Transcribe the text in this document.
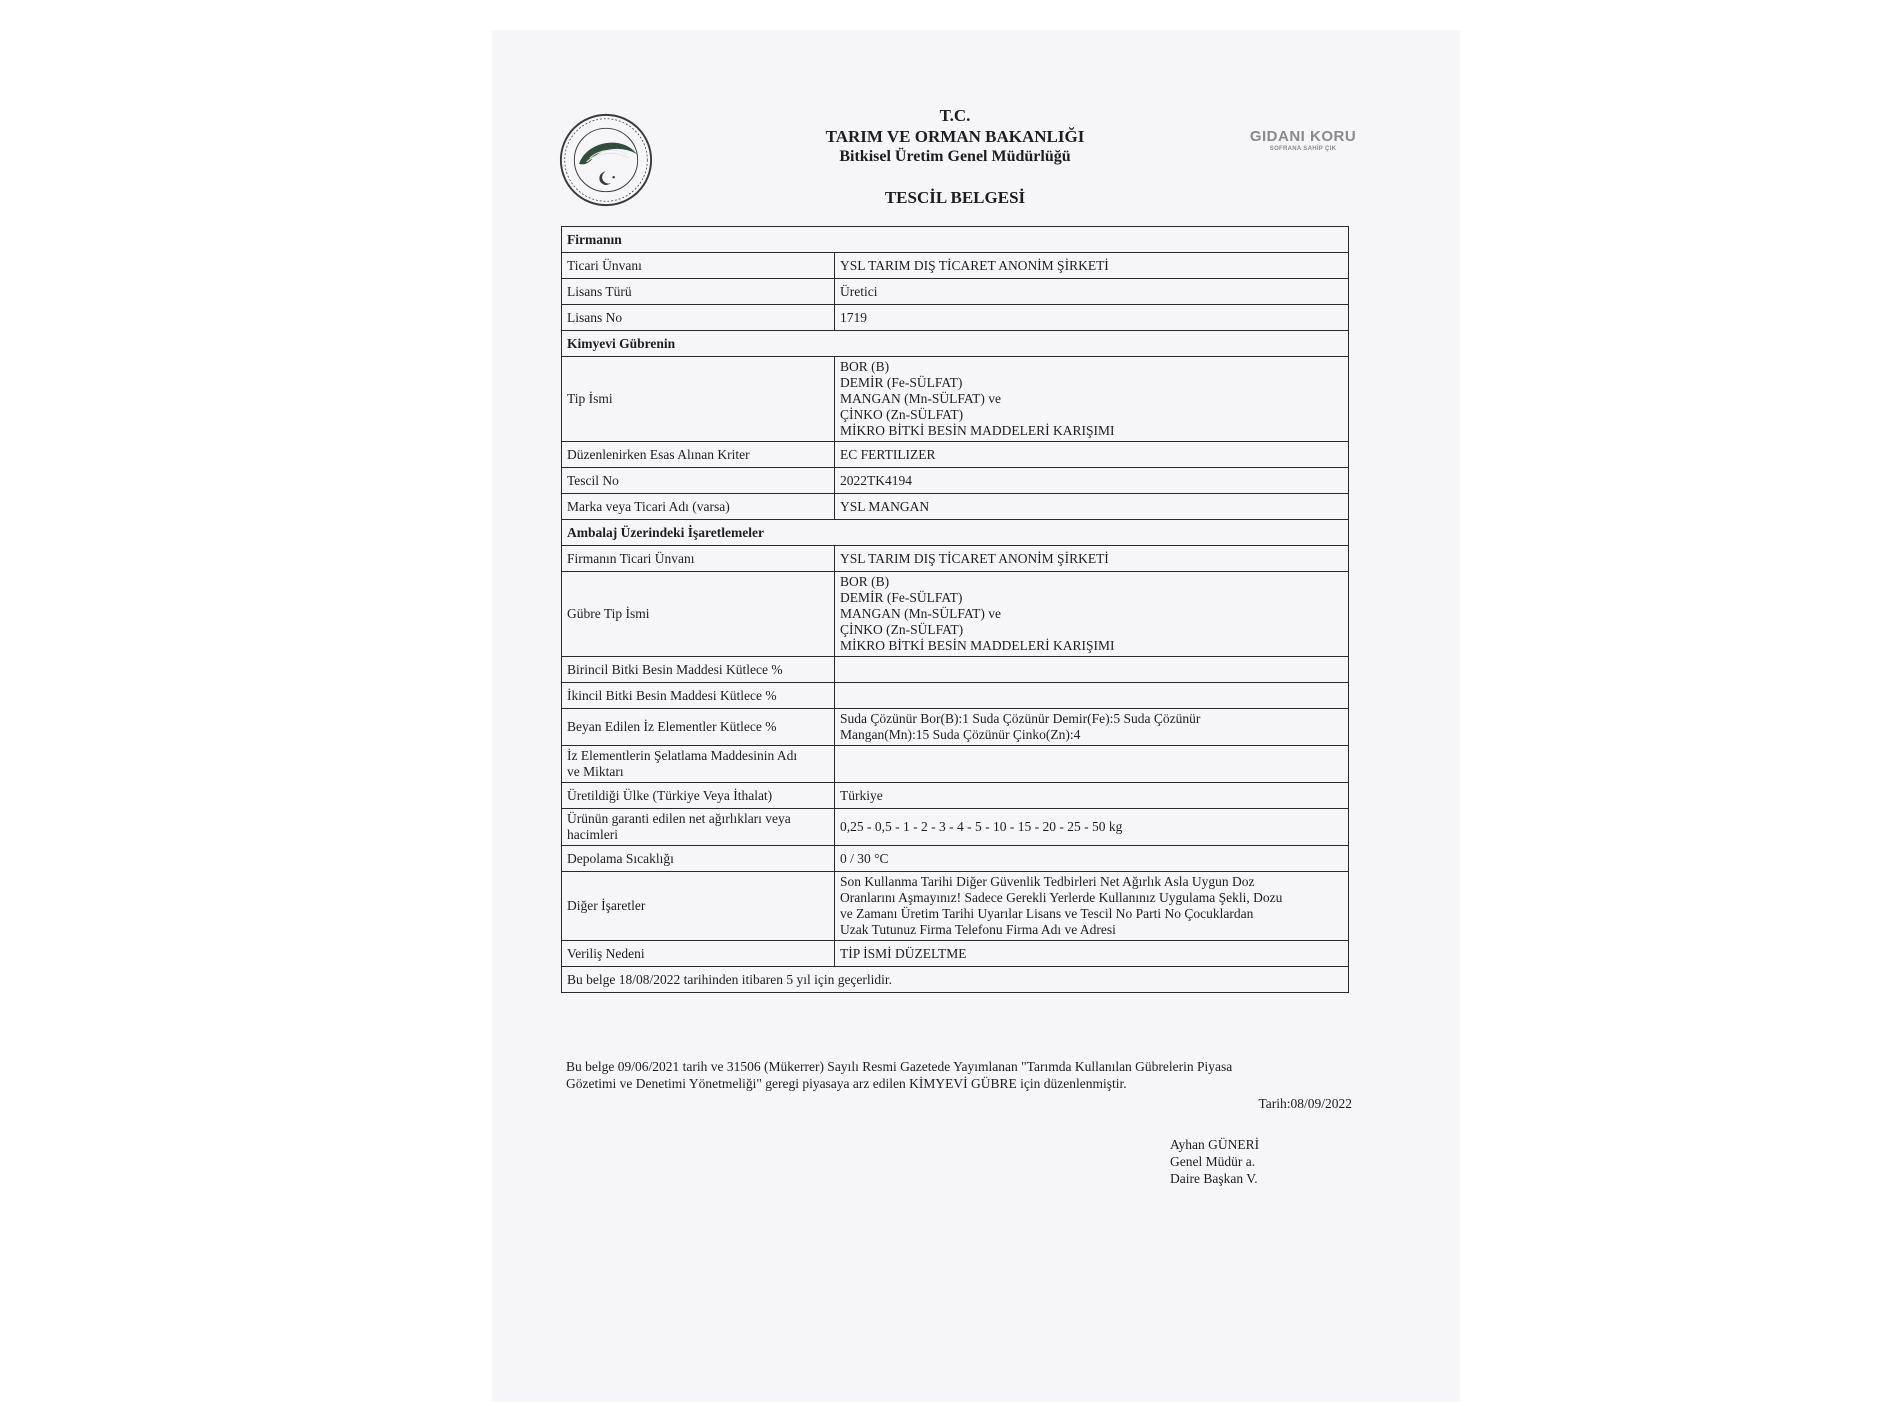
T.C.
TARIM VE ORMAN BAKANLIĞI
Bitkisel Üretim Genel Müdürlüğü
TESCİL BELGESİ
GIDANI KORU
SOFRANA SAHİP ÇIK
Firmanın	
Ticari Ünvanı	YSL TARIM DIŞ TİCARET ANONİM ŞİRKETİ
Lisans Türü	Üretici
Lisans No	1719
Kimyevi Gübrenin	
Tip İsmi	BOR (B)
DEMİR (Fe-SÜLFAT)
MANGAN (Mn-SÜLFAT) ve
ÇİNKO (Zn-SÜLFAT)
MİKRO BİTKİ BESİN MADDELERİ KARIŞIMI

Düzenlenirken Esas Alınan Kriter	EC FERTILIZER
Tescil No	2022TK4194
Marka veya Ticari Adı (varsa)	YSL MANGAN
Ambalaj Üzerindeki İşaretlemeler	
Firmanın Ticari Ünvanı	YSL TARIM DIŞ TİCARET ANONİM ŞİRKETİ
Gübre Tip İsmi	BOR (B)
DEMİR (Fe-SÜLFAT)
MANGAN (Mn-SÜLFAT) ve
ÇİNKO (Zn-SÜLFAT)
MİKRO BİTKİ BESİN MADDELERİ KARIŞIMI

Birincil Bitki Besin Maddesi Kütlece %	
İkincil Bitki Besin Maddesi Kütlece %	
Beyan Edilen İz Elementler Kütlece %	Suda Çözünür Bor(B):1 Suda Çözünür Demir(Fe):5 Suda Çözünür
Mangan(Mn):15 Suda Çözünür Çinko(Zn):4

İz Elementlerin Şelatlama Maddesinin Adı
ve Miktarı	

Üretildiği Ülke (Türkiye Veya İthalat)	Türkiye

Ürünün garanti edilen net ağırlıkları veya
hacimleri	0,25 - 0,5 - 1 - 2 - 3 - 4 - 5 - 10 - 15 - 20 - 25 - 50 kg
Depolama Sıcaklığı	0 / 30 °C
Diğer İşaretler	Son Kullanma Tarihi Diğer Güvenlik Tedbirleri Net Ağırlık Asla Uygun Doz
Oranlarını Aşmayınız! Sadece Gerekli Yerlerde Kullanınız Uygulama Şekli, Dozu
ve Zamanı Üretim Tarihi Uyarılar Lisans ve Tescil No Parti No Çocuklardan
Uzak Tutunuz Firma Telefonu Firma Adı ve Adresi

Veriliş Nedeni	TİP İSMİ DÜZELTME
Bu belge 18/08/2022 tarihinden itibaren 5 yıl için geçerlidir.	
Bu belge 09/06/2021 tarih ve 31506 (Mükerrer) Sayılı Resmi Gazetede Yayımlanan "Tarımda Kullanılan Gübrelerin Piyasa
Gözetimi ve Denetimi Yönetmeliği" geregi piyasaya arz edilen KİMYEVİ GÜBRE için düzenlenmiştir.
Tarih:08/09/2022
Ayhan GÜNERİ
Genel Müdür a.
Daire Başkan V.
